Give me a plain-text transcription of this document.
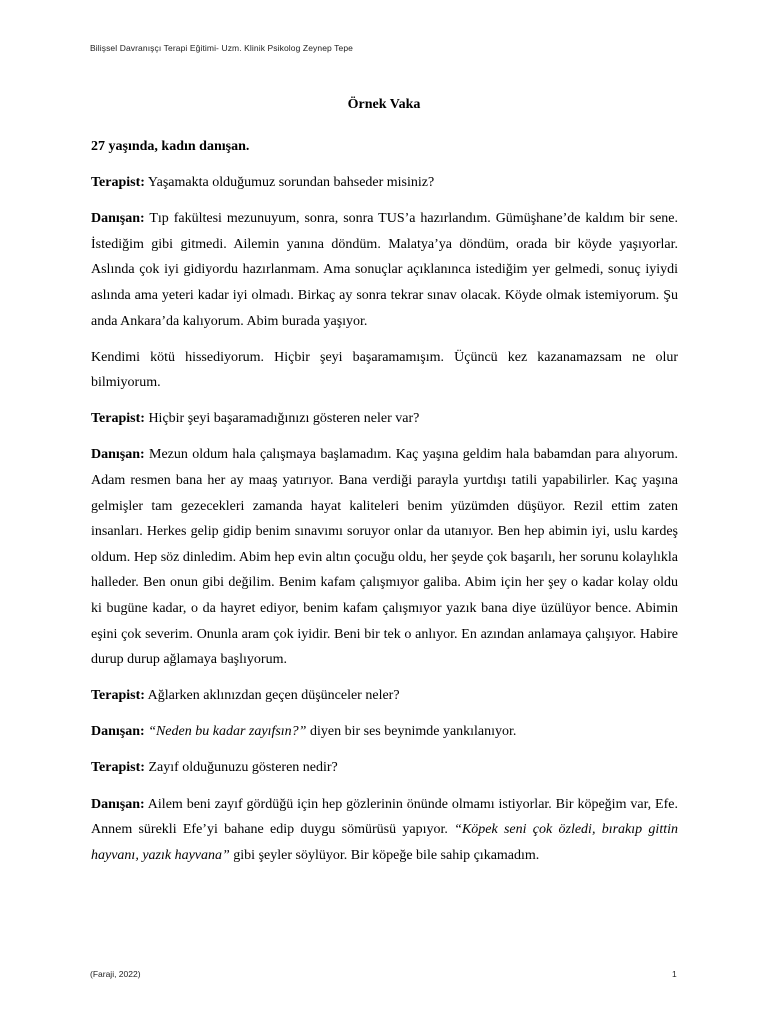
Bilişsel Davranışçı Terapi Eğitimi- Uzm. Klinik Psikolog Zeynep Tepe
Örnek Vaka

27 yaşında, kadın danışan.

Terapist: Yaşamakta olduğumuz sorundan bahseder misiniz?

Danışan: Tıp fakültesi mezunuyum, sonra, sonra TUS’a hazırlandım. Gümüşhane’de kaldım bir sene. İstediğim gibi gitmedi. Ailemin yanına döndüm. Malatya’ya döndüm, orada bir köyde yaşıyorlar. Aslında çok iyi gidiyordu hazırlanmam. Ama sonuçlar açıklanınca istediğim yer gelmedi, sonuç iyiydi aslında ama yeteri kadar iyi olmadı. Birkaç ay sonra tekrar sınav olacak. Köyde olmak istemiyorum. Şu anda Ankara’da kalıyorum. Abim burada yaşıyor.

Kendimi kötü hissediyorum. Hiçbir şeyi başaramamışım. Üçüncü kez kazanamazsam ne olur bilmiyorum.

Terapist: Hiçbir şeyi başaramadığınızı gösteren neler var?

Danışan: Mezun oldum hala çalışmaya başlamadım. Kaç yaşına geldim hala babamdan para alıyorum. Adam resmen bana her ay maaş yatırıyor. Bana verdiği parayla yurtdışı tatili yapabilirler. Kaç yaşına gelmişler tam gezecekleri zamanda hayat kaliteleri benim yüzümden düşüyor. Rezil ettim zaten insanları. Herkes gelip gidip benim sınavımı soruyor onlar da utanıyor. Ben hep abimin iyi, uslu kardeş oldum. Hep söz dinledim. Abim hep evin altın çocuğu oldu, her şeyde çok başarılı, her sorunu kolaylıkla halleder. Ben onun gibi değilim. Benim kafam çalışmıyor galiba. Abim için her şey o kadar kolay oldu ki bugüne kadar, o da hayret ediyor, benim kafam çalışmıyor yazık bana diye üzülüyor bence. Abimin eşini çok severim. Onunla aram çok iyidir. Beni bir tek o anlıyor. En azından anlamaya çalışıyor. Habire durup durup ağlamaya başlıyorum.

Terapist: Ağlarken aklınızdan geçen düşünceler neler?

Danışan: “Neden bu kadar zayıfsın?” diyen bir ses beynimde yankılanıyor.

Terapist: Zayıf olduğunuzu gösteren nedir?

Danışan: Ailem beni zayıf gördüğü için hep gözlerinin önünde olmamı istiyorlar. Bir köpeğim var, Efe. Annem sürekli Efe’yi bahane edip duygu sömürüsü yapıyor. “Köpek seni çok özledi, bırakıp gittin hayvanı, yazık hayvana” gibi şeyler söylüyor. Bir köpeğe bile sahip çıkamadım.

(Faraji, 2022)	1
